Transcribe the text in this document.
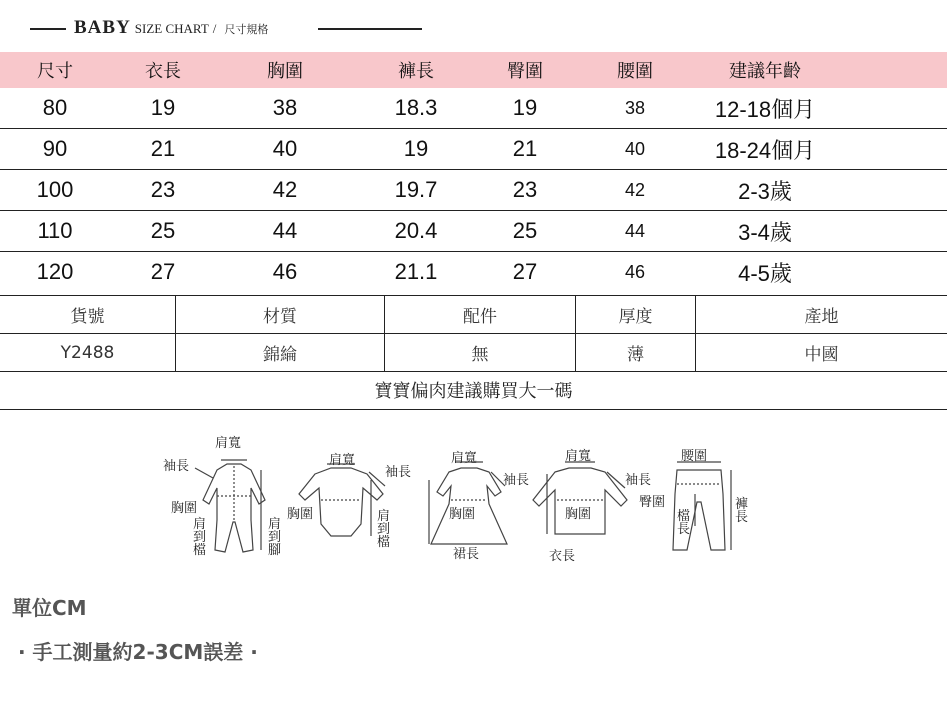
BABY SIZE CHART / 尺寸規格
尺寸	衣長	胸圍	褲長	臀圍	腰圍	建議年齡
80	19	38	18.3	19	38	12-18個月
90	21	40	19	21	40	18-24個月
100	23	42	19.7	23	42	2-3歲
110	25	44	20.4	25	44	3-4歲
120	27	46	21.1	27	46	4-5歲
貨號	材質	配件	厚度	產地
Y2488	錦綸	無	薄	中國
寶寶偏肉建議購買大一碼
肩寬
袖長
胸圍
肩到檔
肩到腳
肩寬
袖長
胸圍	肩到檔
肩寬
袖長
胸圍
裙長
肩寬
袖長
胸圍
衣長
腰圍
臀圍
檔長
褲長
單位CM
· 手工測量約2-3CM誤差 ·
